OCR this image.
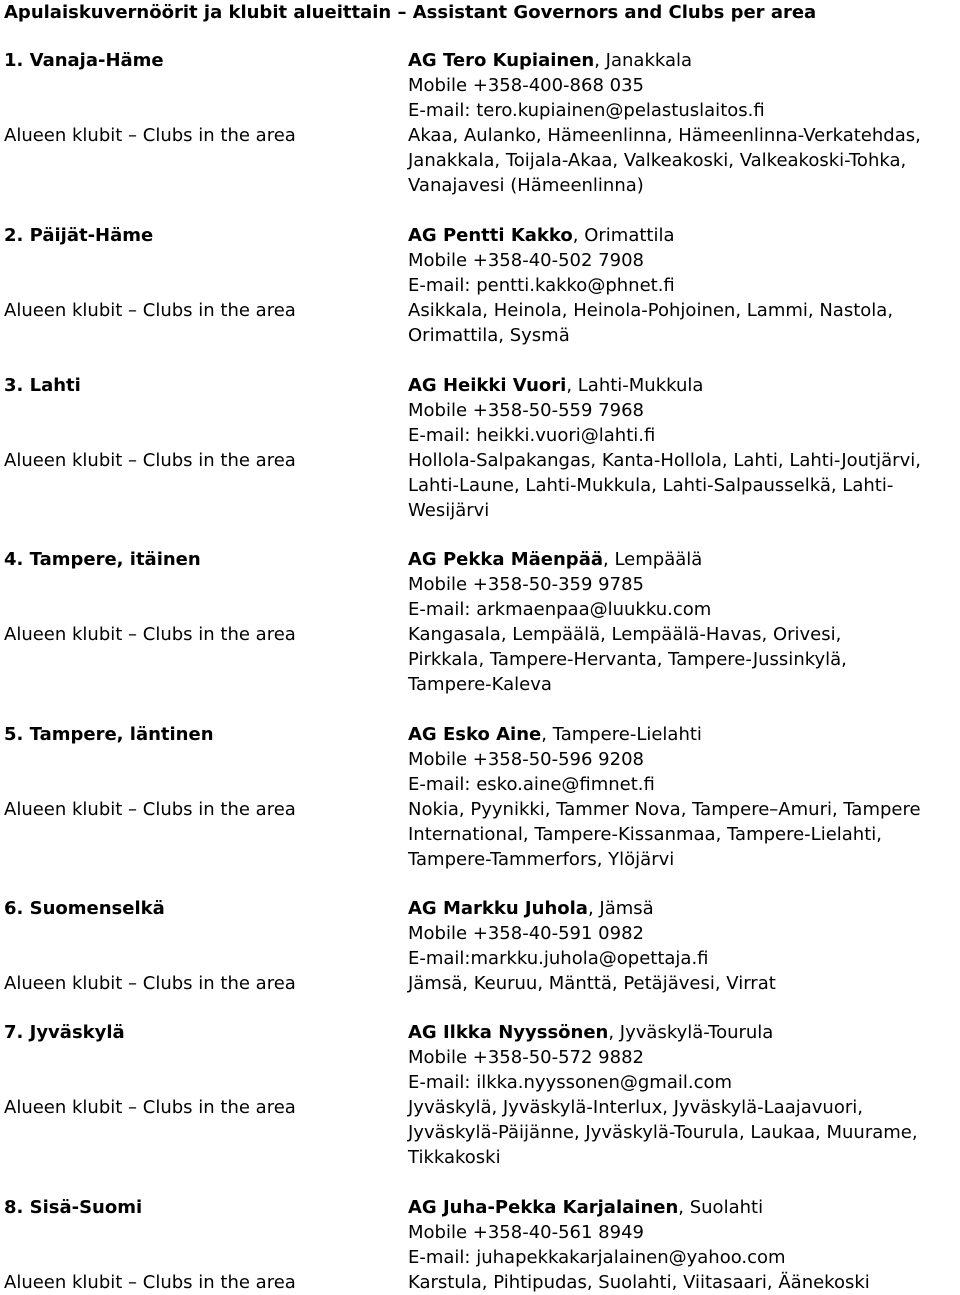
Apulaiskuvernöörit ja klubit alueittain – Assistant Governors and Clubs per area
1. Vanaja-Häme	AG Tero Kupiainen, Janakkala
Mobile +358-400-868 035
E-mail: tero.kupiainen@pelastuslaitos.fi
Alueen klubit – Clubs in the area	Akaa, Aulanko, Hämeenlinna, Hämeenlinna-Verkatehdas,
Janakkala, Toijala-Akaa, Valkeakoski, Valkeakoski-Tohka,
Vanajavesi (Hämeenlinna)
2. Päijät-Häme	AG Pentti Kakko, Orimattila
Mobile +358-40-502 7908
E-mail: pentti.kakko@phnet.fi
Alueen klubit – Clubs in the area	Asikkala, Heinola, Heinola-Pohjoinen, Lammi, Nastola,
Orimattila, Sysmä
3. Lahti	AG Heikki Vuori, Lahti-Mukkula
Mobile +358-50-559 7968
E-mail: heikki.vuori@lahti.fi
Alueen klubit – Clubs in the area	Hollola-Salpakangas, Kanta-Hollola, Lahti, Lahti-Joutjärvi,
Lahti-Laune, Lahti-Mukkula, Lahti-Salpausselkä, Lahti-
Wesijärvi
4. Tampere, itäinen	AG Pekka Mäenpää, Lempäälä
Mobile +358-50-359 9785
E-mail: arkmaenpaa@luukku.com
Alueen klubit – Clubs in the area	Kangasala, Lempäälä, Lempäälä-Havas, Orivesi,
Pirkkala, Tampere-Hervanta, Tampere-Jussinkylä,
Tampere-Kaleva
5. Tampere, läntinen	AG Esko Aine, Tampere-Lielahti
Mobile +358-50-596 9208
E-mail: esko.aine@fimnet.fi
Alueen klubit – Clubs in the area	Nokia, Pyynikki, Tammer Nova, Tampere–Amuri, Tampere
International, Tampere-Kissanmaa, Tampere-Lielahti,
Tampere-Tammerfors, Ylöjärvi
6. Suomenselkä	AG Markku Juhola, Jämsä
Mobile +358-40-591 0982
E-mail:markku.juhola@opettaja.fi
Alueen klubit – Clubs in the area	Jämsä, Keuruu, Mänttä, Petäjävesi, Virrat
7. Jyväskylä	AG Ilkka Nyyssönen, Jyväskylä-Tourula
Mobile +358-50-572 9882
E-mail: ilkka.nyyssonen@gmail.com
Alueen klubit – Clubs in the area	Jyväskylä, Jyväskylä-Interlux, Jyväskylä-Laajavuori,
Jyväskylä-Päijänne, Jyväskylä-Tourula, Laukaa, Muurame,
Tikkakoski
8. Sisä-Suomi	AG Juha-Pekka Karjalainen, Suolahti
Mobile +358-40-561 8949
E-mail: juhapekkakarjalainen@yahoo.com
Alueen klubit – Clubs in the area	Karstula, Pihtipudas, Suolahti, Viitasaari, Äänekoski
